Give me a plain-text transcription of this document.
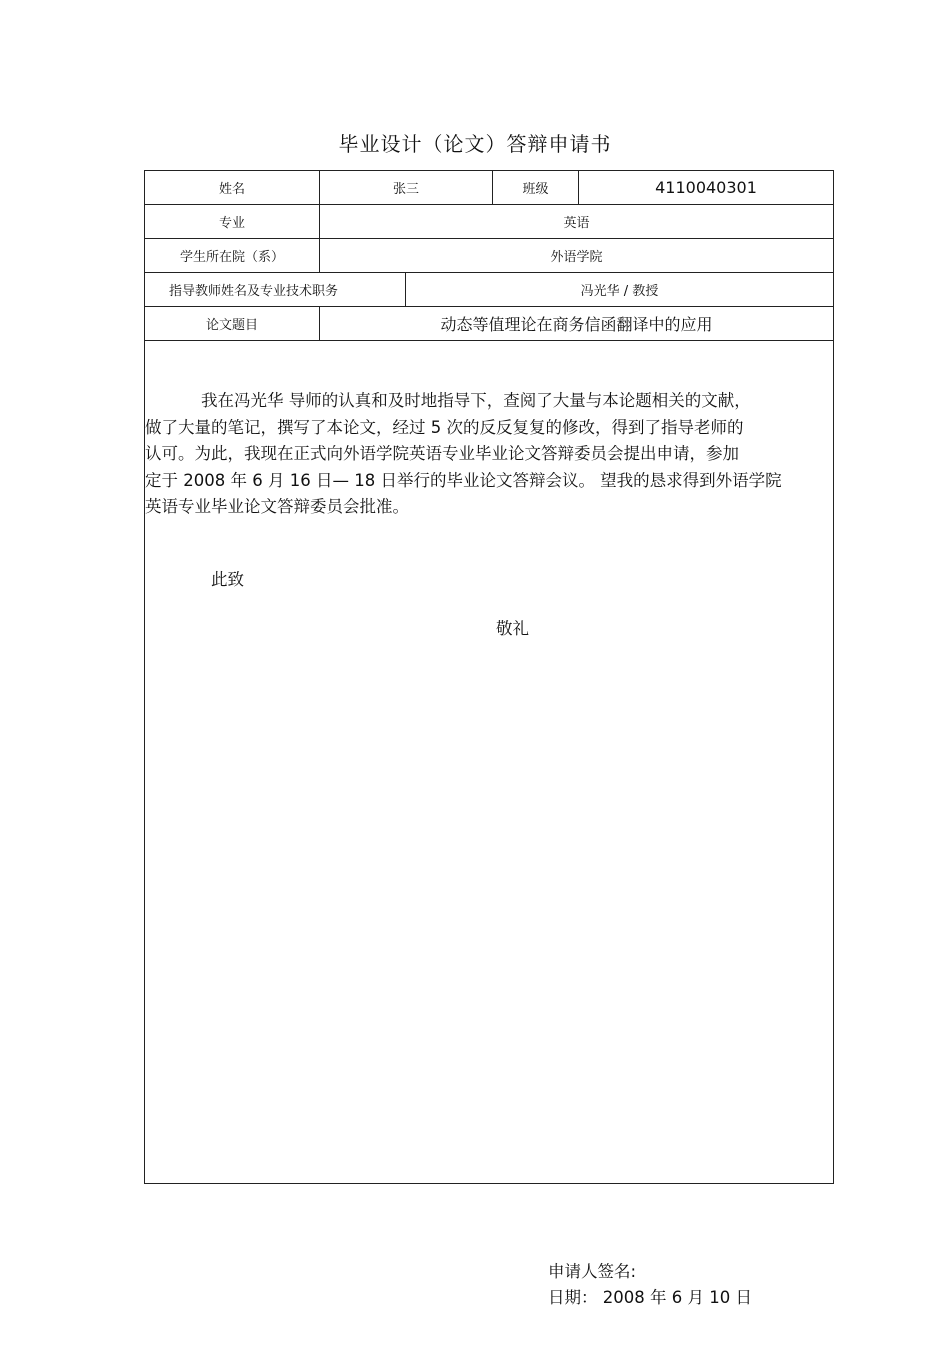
毕业设计（论文）答辩申请书
姓名	张三	班级	4110040301
专业	英语
学生所在院（系）	外语学院
指导教师姓名及专业技术职务	冯光华 / 教授
论文题目	动态等值理论在商务信函翻译中的应用
我在冯光华 导师的认真和及时地指导下，查阅了大量与本论题相关的文献，
做了大量的笔记，撰写了本论文，经过 5 次的反反复复的修改，得到了指导老师的
认可。为此，我现在正式向外语学院英语专业毕业论文答辩委员会提出申请，参加
定于 2008 年 6 月 16 日— 18 日举行的毕业论文答辩会议。 望我的恳求得到外语学院
英语专业毕业论文答辩委员会批准。
此致
敬礼
申请人签名:
日期： 2008 年 6 月 10 日
